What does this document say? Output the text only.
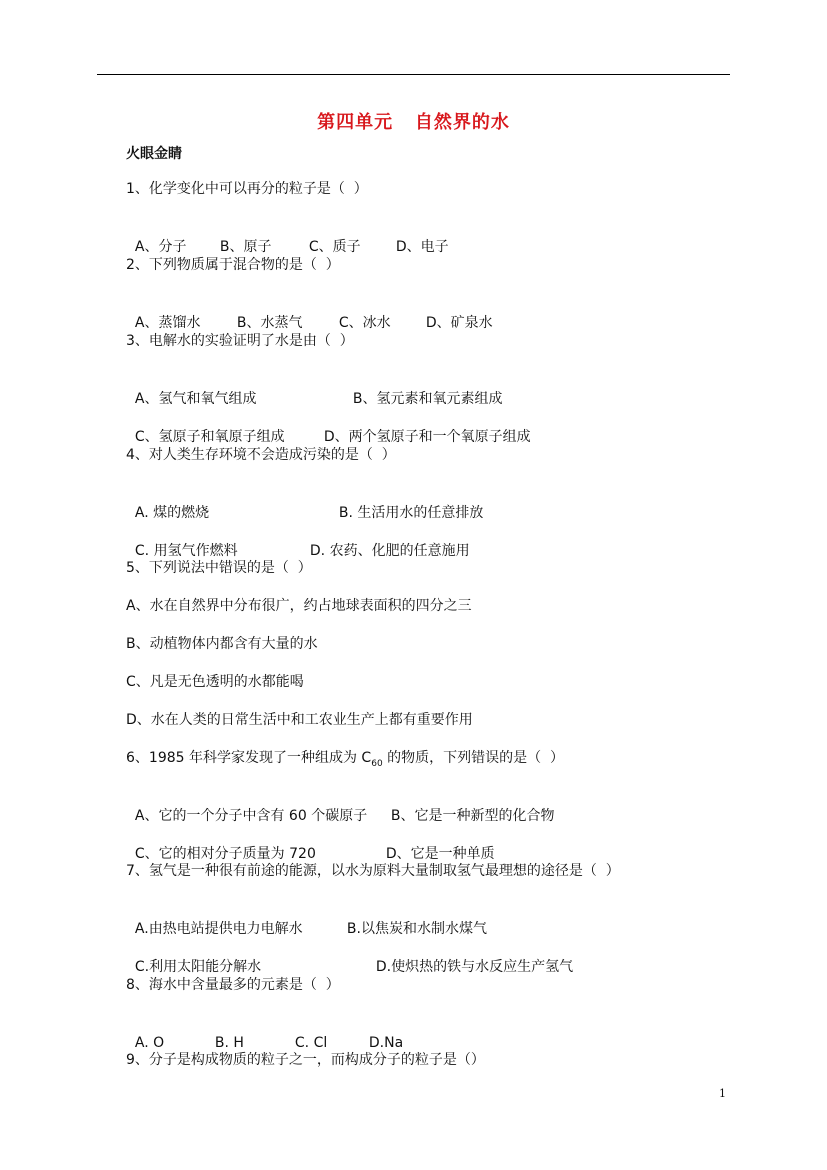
第四单元   自然界的水
火眼金睛
1、化学变化中可以再分的粒子是（  ）

A、分子 B、原子	C、质子	D、电子

2、下列物质属于混合物的是（  ）

A、蒸馏水	B、水蒸气	C、冰水	D、矿泉水

3、电解水的实验证明了水是由（  ）

A、氢气和氧气组成	B、氢元素和氧元素组成

C、氢原子和氧原子组成	D、两个氢原子和一个氧原子组成

4、对人类生存环境不会造成污染的是（  ）

A. 煤的燃烧	B. 生活用水的任意排放

C. 用氢气作燃料	D. 农药、化肥的任意施用

5、下列说法中错误的是（  ）
A、水在自然界中分布很广，约占地球表面积的四分之三
B、动植物体内都含有大量的水
C、凡是无色透明的水都能喝
D、水在人类的日常生活中和工农业生产上都有重要作用
6、1985 年科学家发现了一种组成为 $C_{60}$ 的物质，下列错误的是（  ）

A、它的一个分子中含有 60 个碳原子 B、它是一种新型的化合物

C、它的相对分子质量为 720	D、它是一种单质

7、氢气是一种很有前途的能源，以水为原料大量制取氢气最理想的途径是（  ）

A.由热电站提供电力电解水	B.以焦炭和水制水煤气

C.利用太阳能分解水	D.使炽热的铁与水反应生产氢气

8、海水中含量最多的元素是（  ）

A. O	B. H	C. Cl	D.Na

9、分子是构成物质的粒子之一，而构成分子的粒子是（）
1
